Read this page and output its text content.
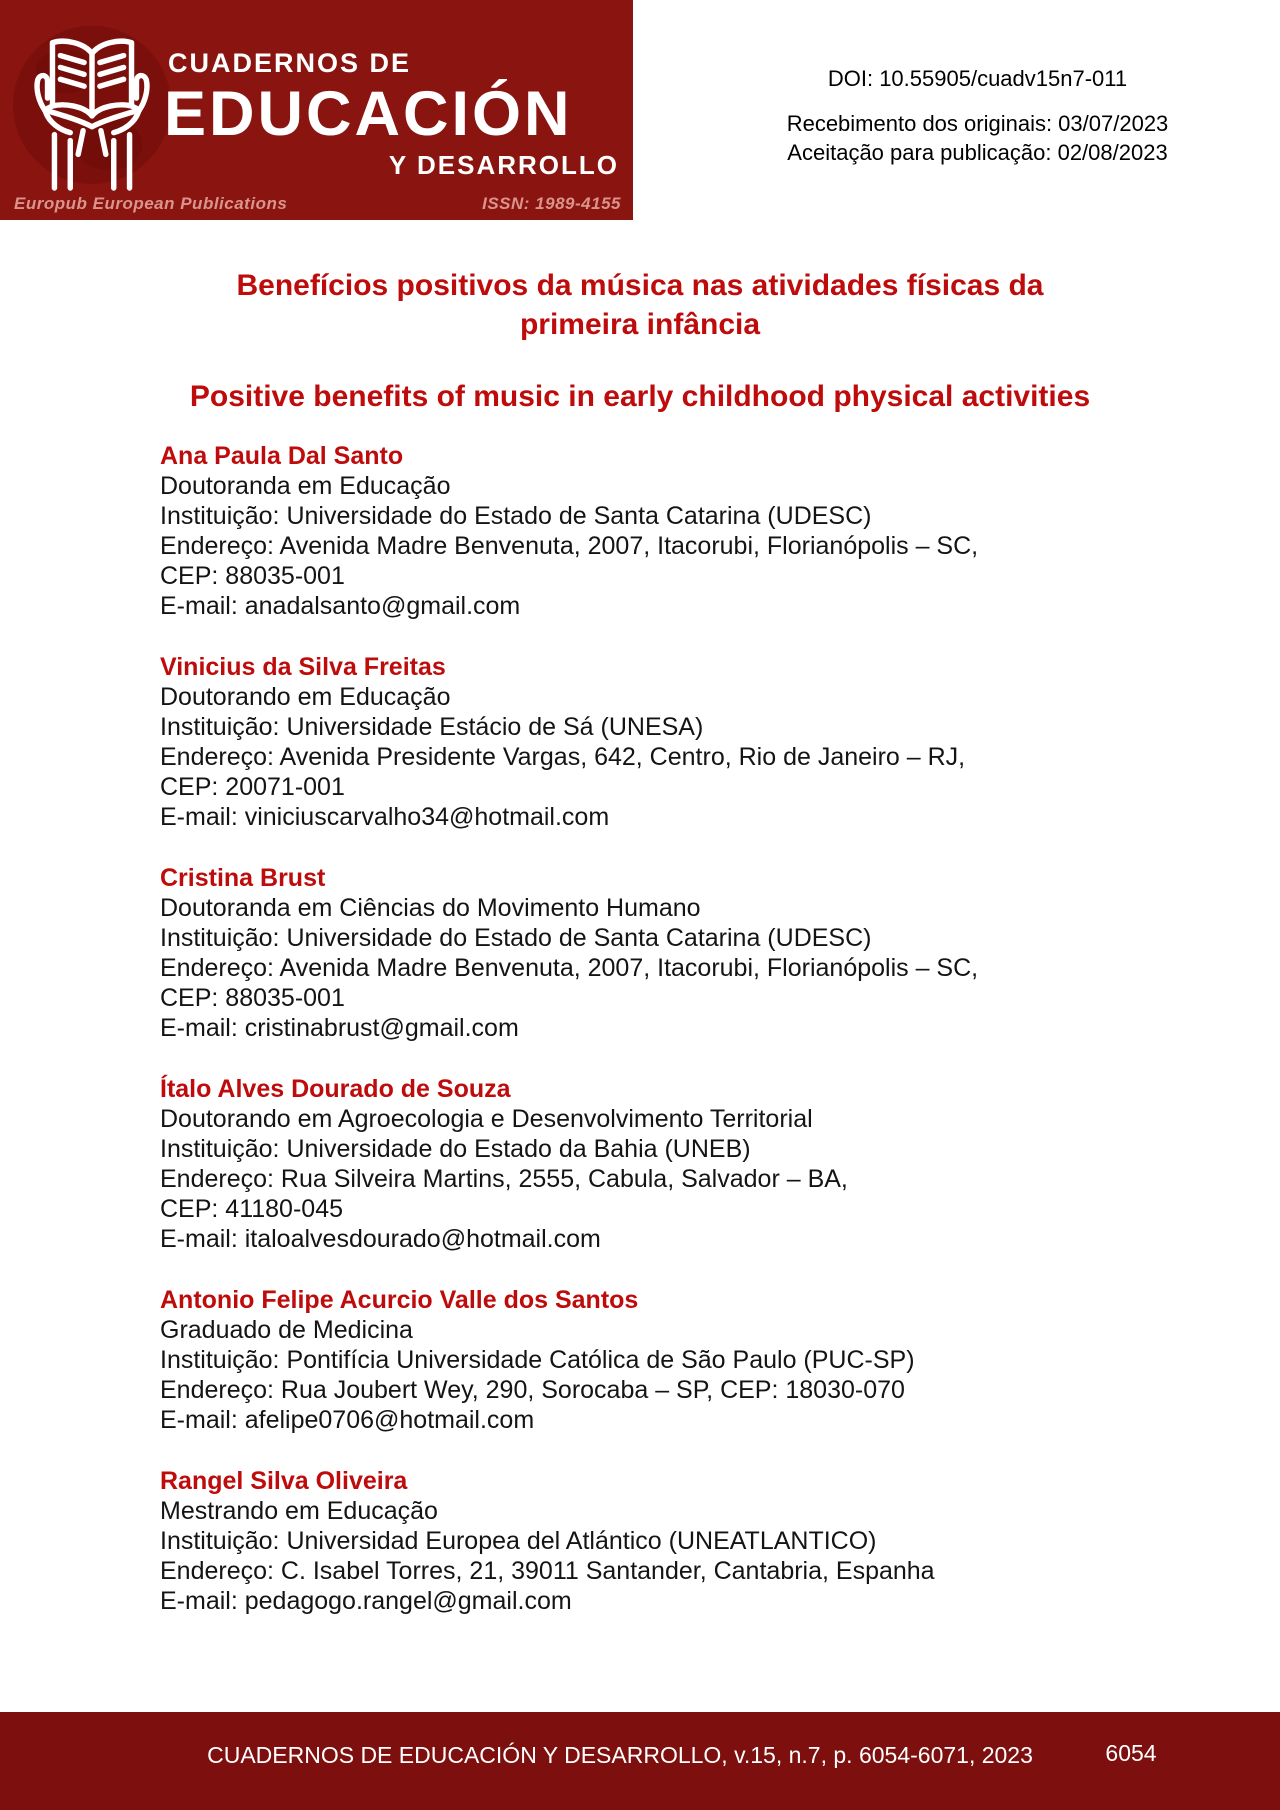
CUADERNOS DE
EDUCACIÓN
Y DESARROLLO
Europub European Publications	ISSN: 1989-4155
DOI: 10.55905/cuadv15n7-011
Recebimento dos originais: 03/07/2023
Aceitação para publicação: 02/08/2023
Benefícios positivos da música nas atividades físicas da
primeira infância
Positive benefits of music in early childhood physical activities
Ana Paula Dal Santo
Doutoranda em Educação
Instituição: Universidade do Estado de Santa Catarina (UDESC)
Endereço: Avenida Madre Benvenuta, 2007, Itacorubi, Florianópolis – SC,
CEP: 88035-001
E-mail: anadalsanto@gmail.com
Vinicius da Silva Freitas
Doutorando em Educação
Instituição: Universidade Estácio de Sá (UNESA)
Endereço: Avenida Presidente Vargas, 642, Centro, Rio de Janeiro – RJ,
CEP: 20071-001
E-mail: viniciuscarvalho34@hotmail.com
Cristina Brust
Doutoranda em Ciências do Movimento Humano
Instituição: Universidade do Estado de Santa Catarina (UDESC)
Endereço: Avenida Madre Benvenuta, 2007, Itacorubi, Florianópolis – SC,
CEP: 88035-001
E-mail: cristinabrust@gmail.com
Ítalo Alves Dourado de Souza
Doutorando em Agroecologia e Desenvolvimento Territorial
Instituição: Universidade do Estado da Bahia (UNEB)
Endereço: Rua Silveira Martins, 2555, Cabula, Salvador – BA,
CEP: 41180-045
E-mail: italoalvesdourado@hotmail.com
Antonio Felipe Acurcio Valle dos Santos
Graduado de Medicina
Instituição: Pontifícia Universidade Católica de São Paulo (PUC-SP)
Endereço: Rua Joubert Wey, 290, Sorocaba – SP, CEP: 18030-070
E-mail: afelipe0706@hotmail.com
Rangel Silva Oliveira
Mestrando em Educação
Instituição: Universidad Europea del Atlántico (UNEATLANTICO)
Endereço: C. Isabel Torres, 21, 39011 Santander, Cantabria, Espanha
E-mail: pedagogo.rangel@gmail.com
CUADERNOS DE EDUCACIÓN Y DESARROLLO, v.15, n.7, p. 6054-6071, 2023	6054
